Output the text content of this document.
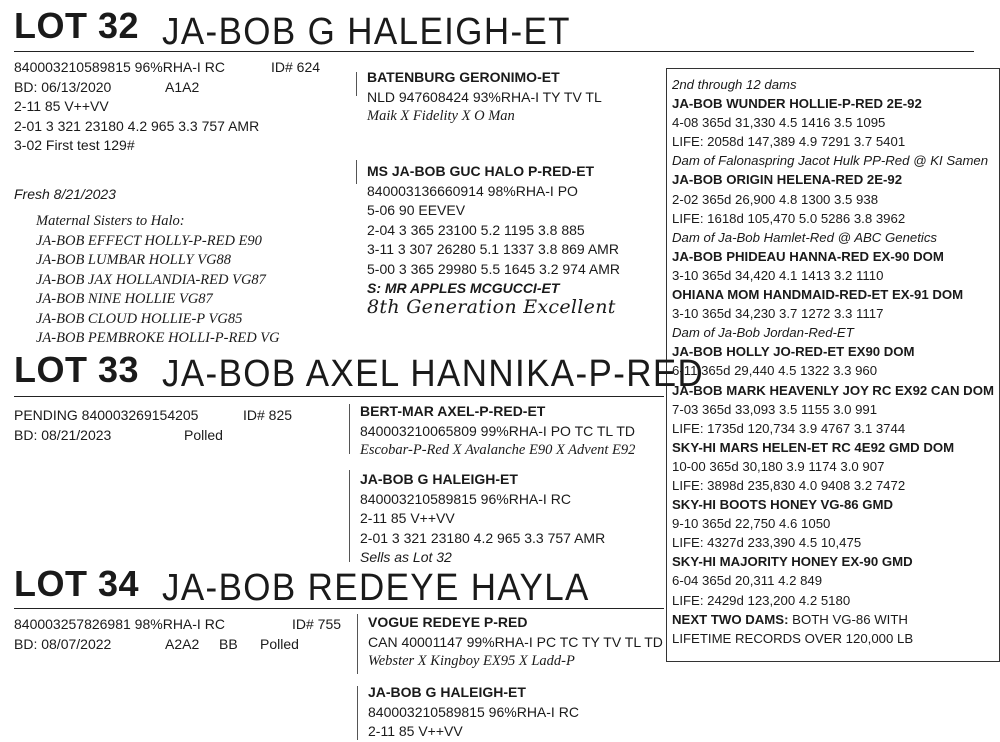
LOT 32 JA-BOB G HALEIGH-ET
840003210589815 96%RHA-I RC
BD: 06/13/2020
2-11 85 V++VV
2-01 3 321 23180 4.2 965 3.3 757 AMR
3-02 First test 129#
ID# 624
A1A2
Fresh 8/21/2023
Maternal Sisters to Halo:
JA-BOB EFFECT HOLLY-P-RED E90
JA-BOB LUMBAR HOLLY VG88
JA-BOB JAX HOLLANDIA-RED VG87
JA-BOB NINE HOLLIE VG87
JA-BOB CLOUD HOLLIE-P VG85
JA-BOB PEMBROKE HOLLI-P-RED VG
BATENBURG GERONIMO-ET
NLD 947608424 93%RHA-I TY TV TL
Maik X Fidelity X O Man
MS JA-BOB GUC HALO P-RED-ET
840003136660914 98%RHA-I PO
5-06 90 EEVEV
2-04 3 365 23100 5.2 1195 3.8 885
3-11 3 307 26280 5.1 1337 3.8 869 AMR
5-00 3 365 29980 5.5 1645 3.2 974 AMR
S: MR APPLES MCGUCCI-ET
8th Generation Excellent
2nd through 12 dams
JA-BOB WUNDER HOLLIE-P-RED 2E-92
4-08 365d 31,330 4.5 1416 3.5 1095
LIFE: 2058d 147,389 4.9 7291 3.7 5401
Dam of Falonaspring Jacot Hulk PP-Red @ KI Samen
JA-BOB ORIGIN HELENA-RED 2E-92
2-02 365d 26,900 4.8 1300 3.5 938
LIFE: 1618d 105,470 5.0 5286 3.8 3962
Dam of Ja-Bob Hamlet-Red @ ABC Genetics
JA-BOB PHIDEAU HANNA-RED EX-90 DOM
3-10 365d 34,420 4.1 1413 3.2 1110
OHIANA MOM HANDMAID-RED-ET EX-91 DOM
3-10 365d 34,230 3.7 1272 3.3 1117
Dam of Ja-Bob Jordan-Red-ET
JA-BOB HOLLY JO-RED-ET EX90 DOM
6-11 365d 29,440 4.5 1322 3.3 960
JA-BOB MARK HEAVENLY JOY RC EX92 CAN DOM
7-03 365d 33,093 3.5 1155 3.0 991
LIFE: 1735d 120,734 3.9 4767 3.1 3744
SKY-HI MARS HELEN-ET RC 4E92 GMD DOM
10-00 365d 30,180 3.9 1174 3.0 907
LIFE: 3898d 235,830 4.0 9408 3.2 7472
SKY-HI BOOTS HONEY VG-86 GMD
9-10 365d 22,750 4.6 1050
LIFE: 4327d 233,390 4.5 10,475
SKY-HI MAJORITY HONEY EX-90 GMD
6-04 365d 20,311 4.2 849
LIFE: 2429d 123,200 4.2 5180
NEXT TWO DAMS: BOTH VG-86 WITH
LIFETIME RECORDS OVER 120,000 LB
LOT 33 JA-BOB AXEL HANNIKA-P-RED
PENDING 840003269154205
BD: 08/21/2023
ID# 825
Polled
BERT-MAR AXEL-P-RED-ET
840003210065809 99%RHA-I PO TC TL TD
Escobar-P-Red X Avalanche E90 X Advent E92
JA-BOB G HALEIGH-ET
840003210589815 96%RHA-I RC
2-11 85 V++VV
2-01 3 321 23180 4.2 965 3.3 757 AMR
Sells as Lot 32
LOT 34 JA-BOB REDEYE HAYLA
840003257826981 98%RHA-I RC
BD: 08/07/2022
ID# 755
A2A2 BB Polled
VOGUE REDEYE P-RED
CAN 40001147 99%RHA-I PC TC TY TV TL TD
Webster X Kingboy EX95 X Ladd-P
JA-BOB G HALEIGH-ET
840003210589815 96%RHA-I RC
2-11 85 V++VV
